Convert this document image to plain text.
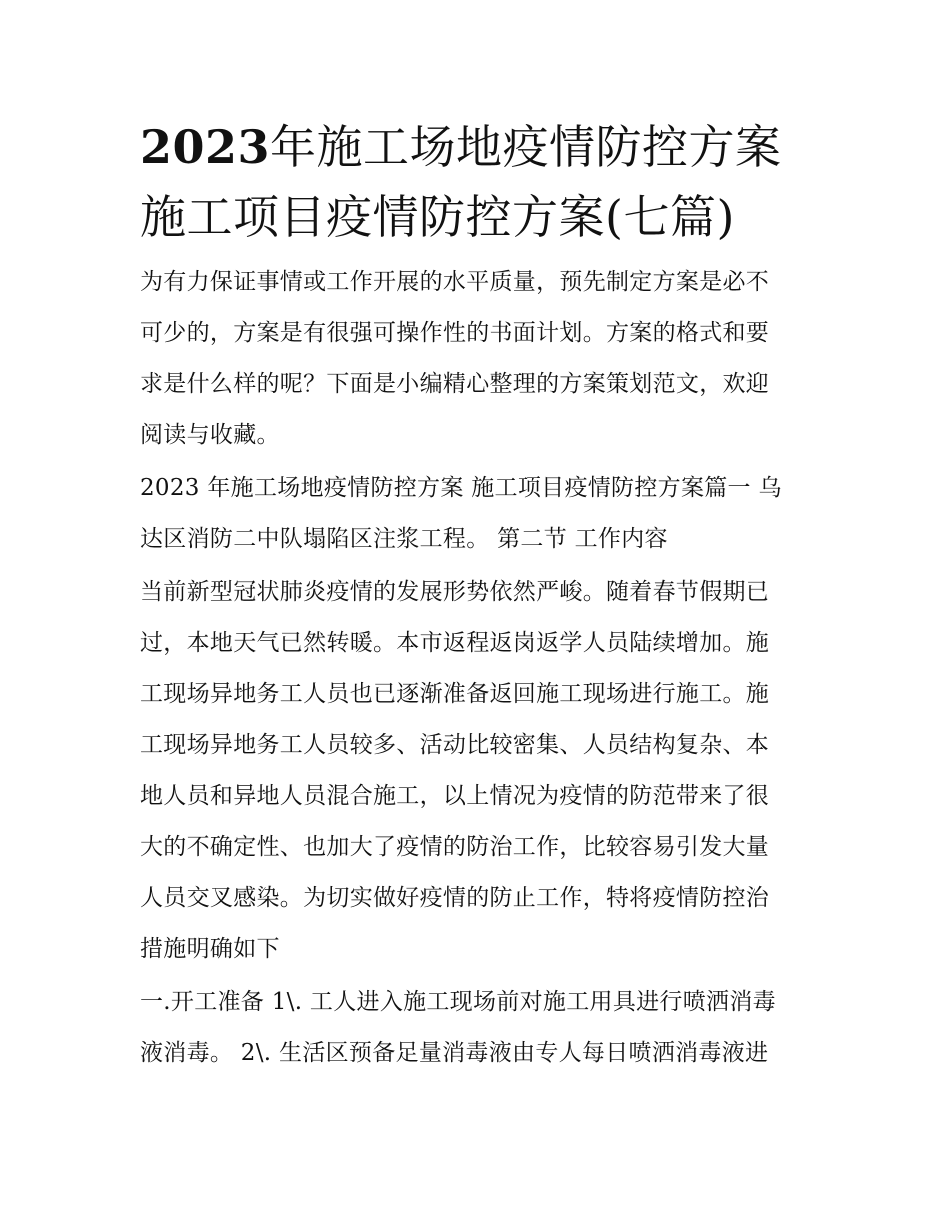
2023年施工场地疫情防控方案
施工项目疫情防控方案(七篇)

为有力保证事情或工作开展的水平质量，预先制定方案是必不
可少的，方案是有很强可操作性的书面计划。方案的格式和要
求是什么样的呢？下面是小编精心整理的方案策划范文，欢迎
阅读与收藏。

2023 年施工场地疫情防控方案 施工项目疫情防控方案篇一 乌
达区消防二中队塌陷区注浆工程。 第二节 工作内容

当前新型冠状肺炎疫情的发展形势依然严峻。随着春节假期已
过，本地天气已然转暖。本市返程返岗返学人员陆续增加。施
工现场异地务工人员也已逐渐准备返回施工现场进行施工。施
工现场异地务工人员较多、活动比较密集、人员结构复杂、本
地人员和异地人员混合施工，以上情况为疫情的防范带来了很
大的不确定性、也加大了疫情的防治工作，比较容易引发大量
人员交叉感染。为切实做好疫情的防止工作，特将疫情防控治
措施明确如下

一.开工准备 1\. 工人进入施工现场前对施工用具进行喷洒消毒
液消毒。 2\. 生活区预备足量消毒液由专人每日喷洒消毒液进
